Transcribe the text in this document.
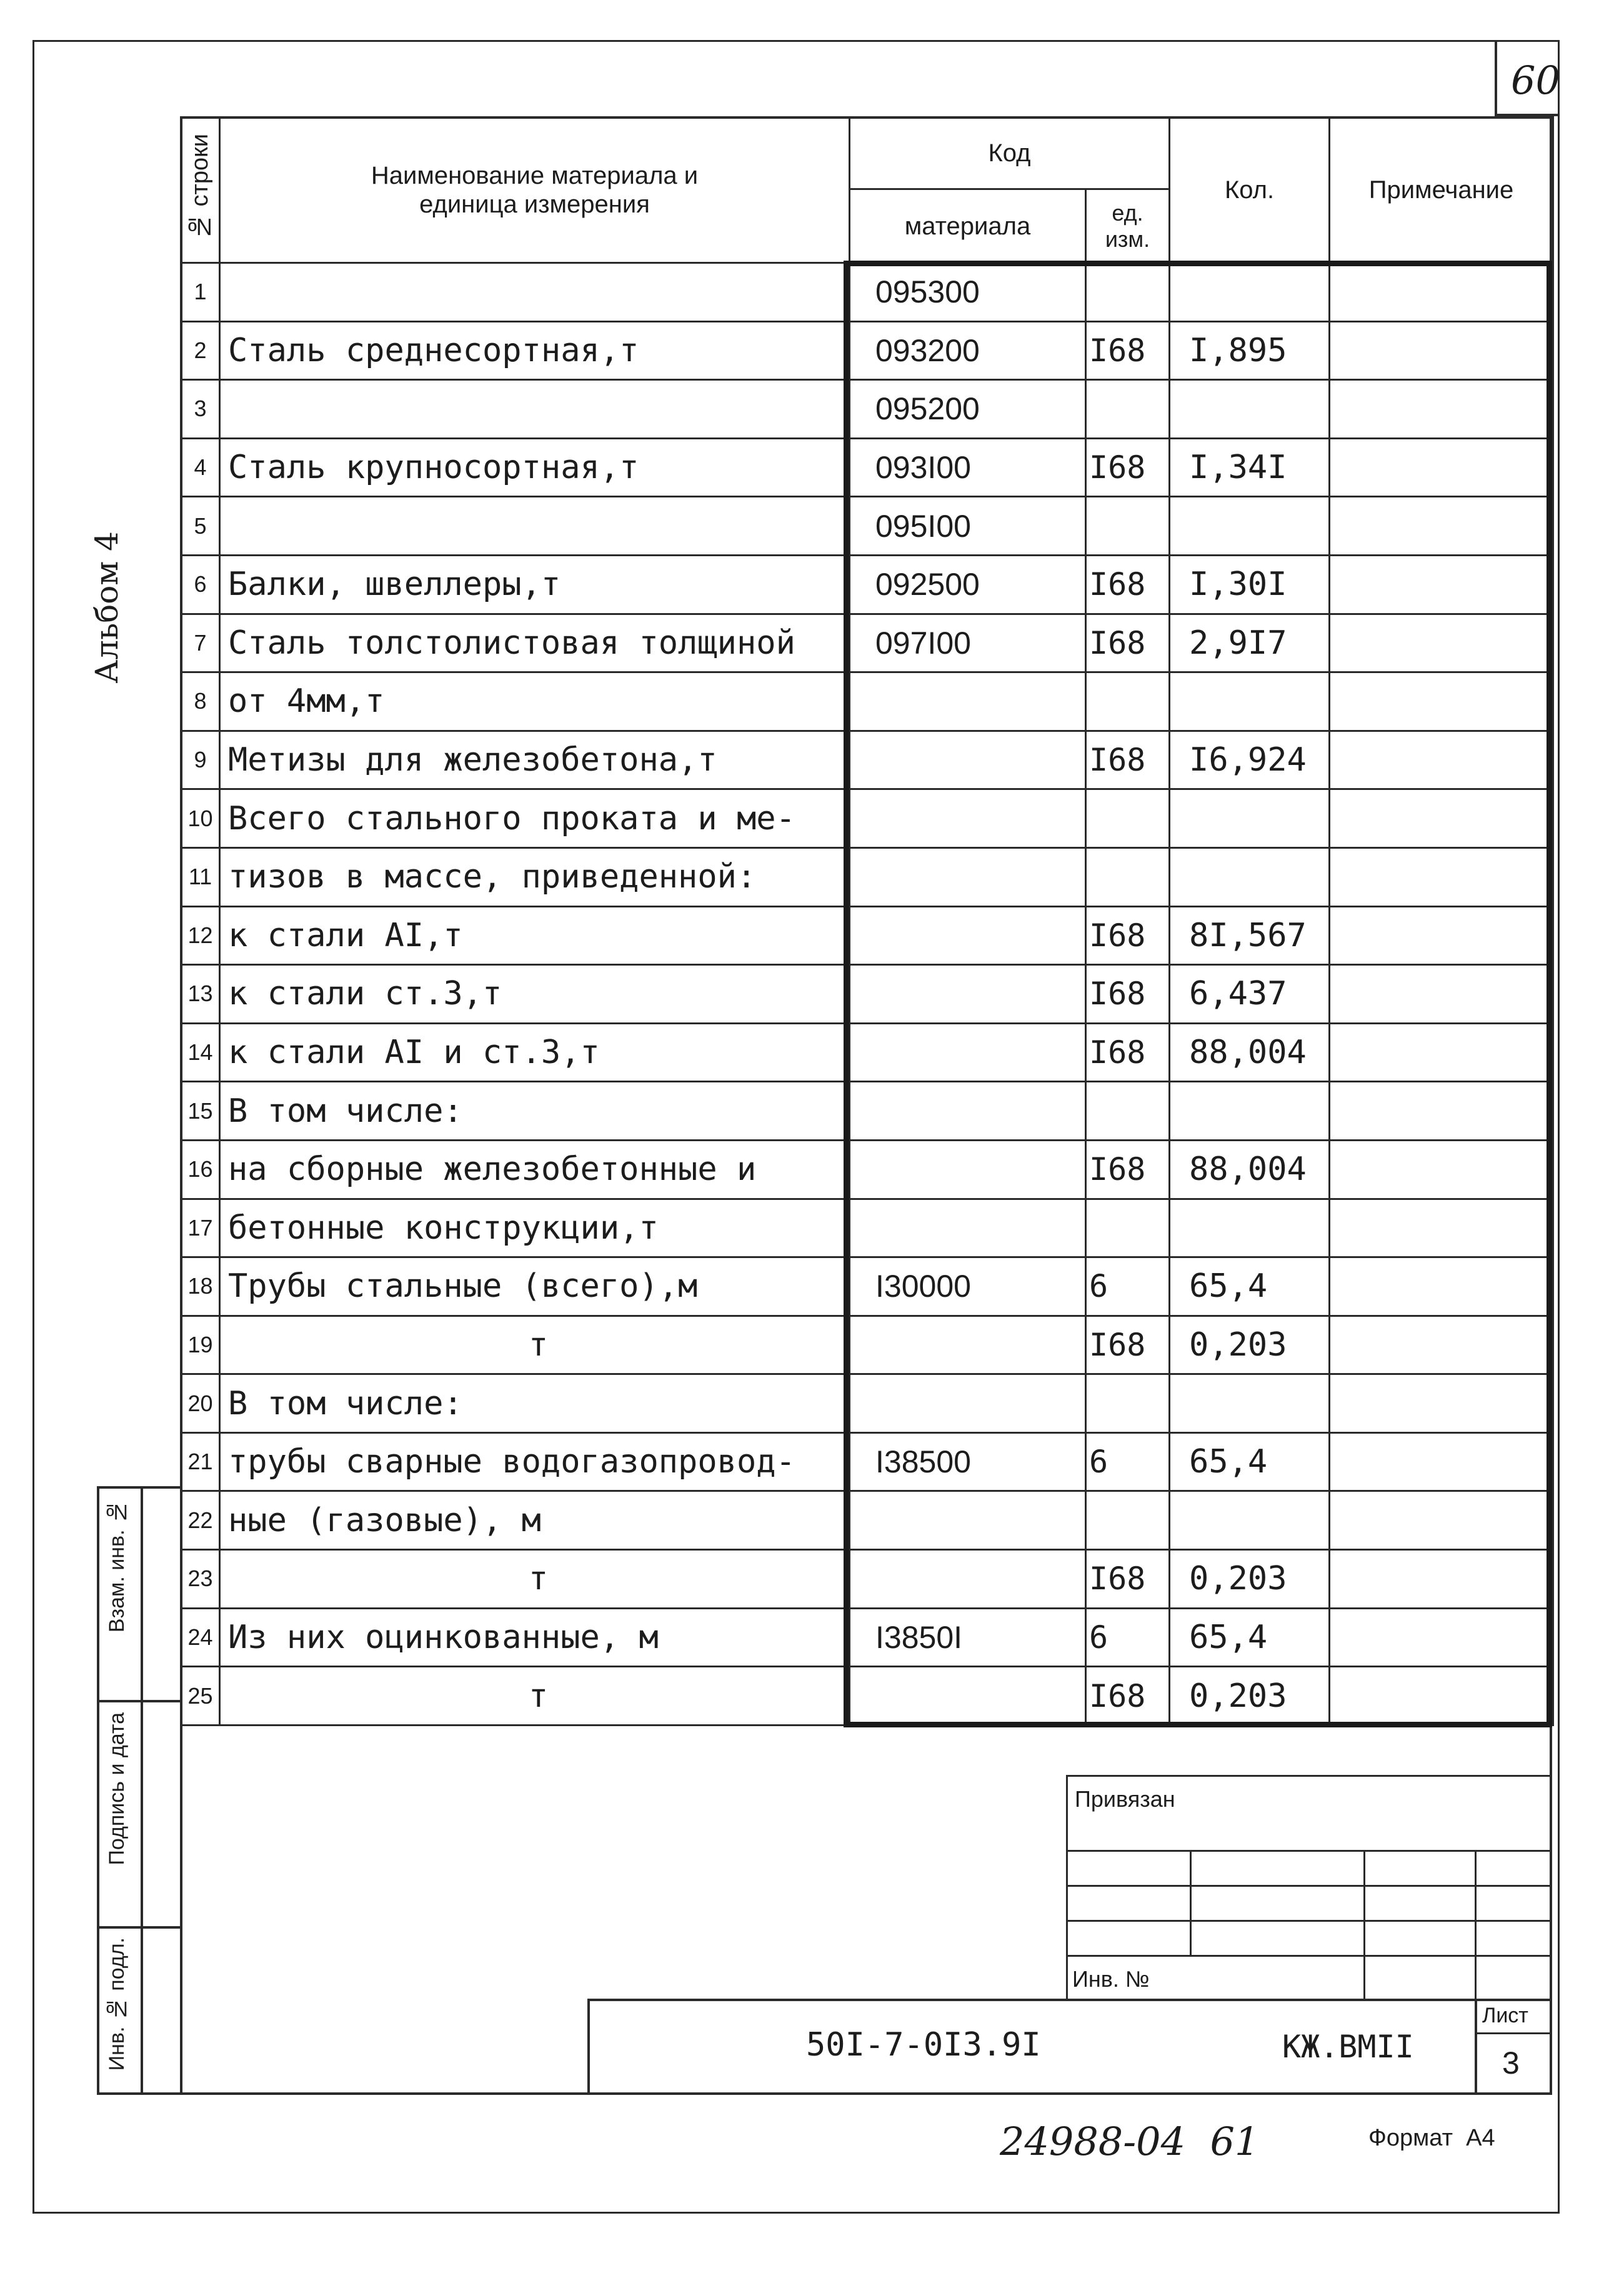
60
Альбом 4
№ строки	Наименование материала и
единица измерения	Код		Кол.	Примечание
		материала	ед.
изм.		
1		095300			
2	Сталь среднесортная,т	093200	I68	I,895	
3		095200			
4	Сталь крупносортная,т	093I00	I68	I,34I	
5		095I00			
6	Балки, швеллеры,т	092500	I68	I,30I	
7	Сталь толстолистовая толщиной	097I00	I68	2,9I7	
8	от 4мм,т				
9	Метизы для железобетона,т		I68	I6,924	
10	Всего стального проката и ме-				
11	тизов в массе, приведенной:				
12	к стали AI,т		I68	8I,567	
13	к стали ст.3,т		I68	6,437	
14	к стали AI и ст.3,т		I68	88,004	
15	В том числе:				
16	на сборные железобетонные и		I68	88,004	
17	бетонные конструкции,т				
18	Трубы стальные (всего),м	I30000	6	65,4	
19	т		I68	0,203	
20	В том числе:				
21	трубы сварные водогазопровод-	I38500	6	65,4	
22	ные (газовые), м				
23	т		I68	0,203	
24	Из них оцинкованные, м	I3850I	6	65,4	
25	т		I68	0,203	
Взам. инв. №
Подпись и дата
Инв. № подл.
Привязан
Инв. №
50I-7-0I3.9I	КЖ.ВМII
Лист
3
24988-04  61	Формат  А4
